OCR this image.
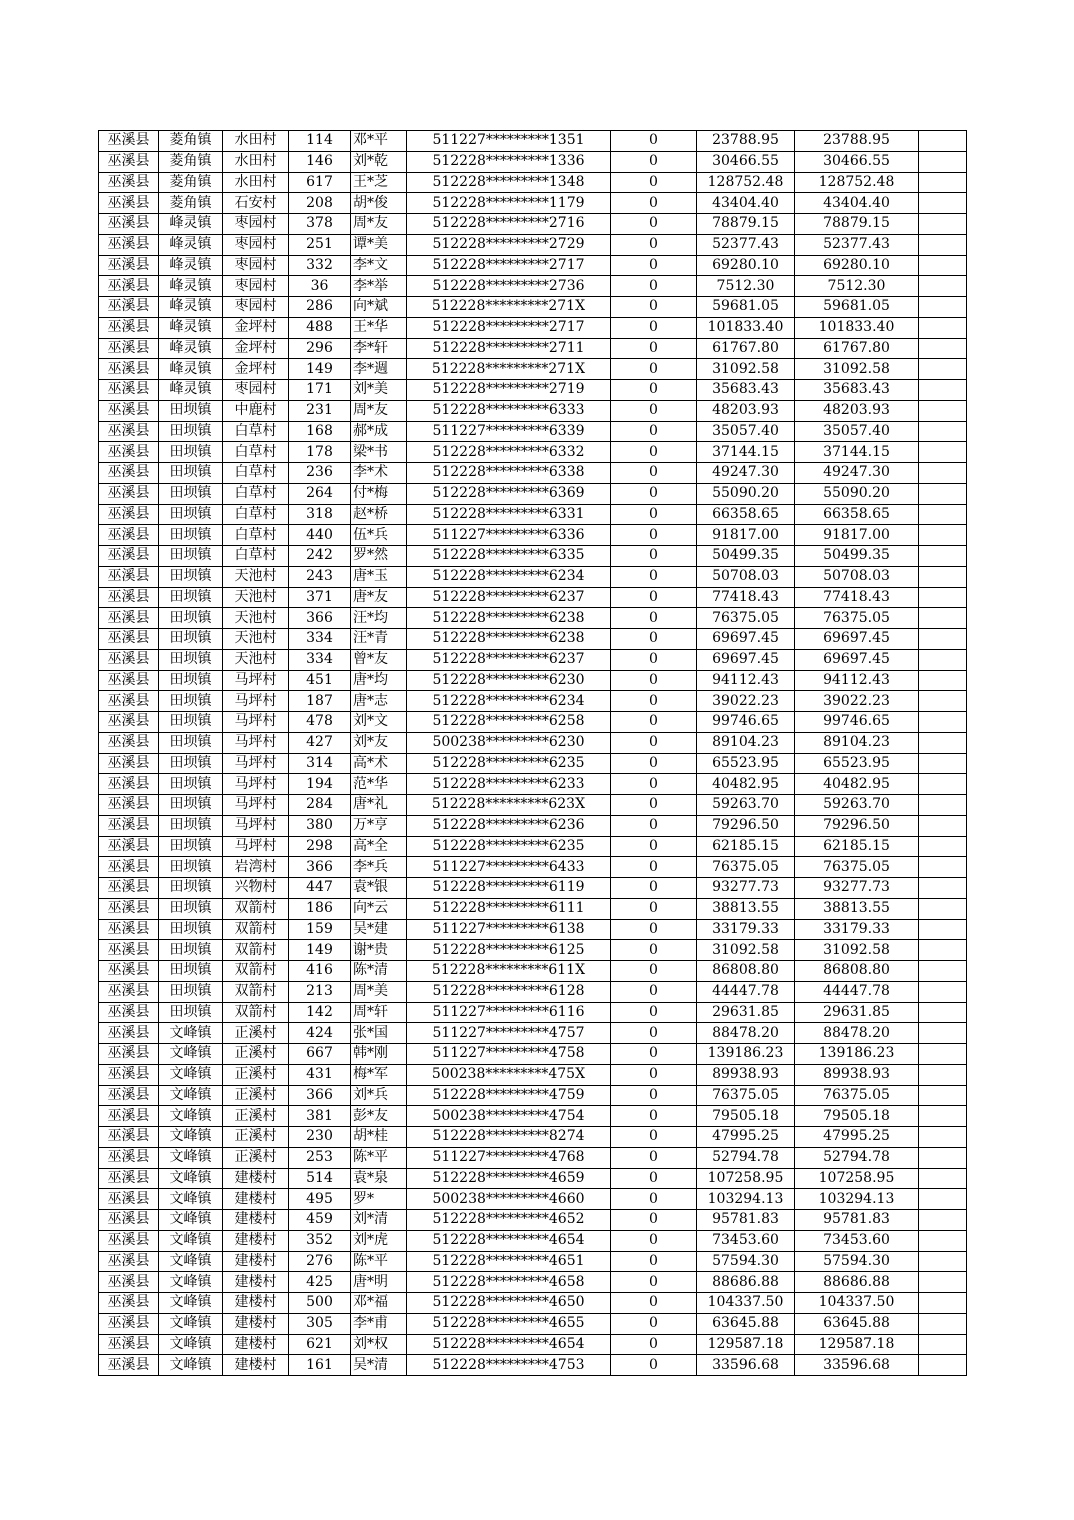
巫溪县	菱角镇	水田村	114	邓*平	511227*********1351	0	23788.95	23788.95	
巫溪县	菱角镇	水田村	146	刘*乾	512228*********1336	0	30466.55	30466.55	
巫溪县	菱角镇	水田村	617	王*芝	512228*********1348	0	128752.48	128752.48	
巫溪县	菱角镇	石安村	208	胡*俊	512228*********1179	0	43404.40	43404.40	
巫溪县	峰灵镇	枣园村	378	周*友	512228*********2716	0	78879.15	78879.15	
巫溪县	峰灵镇	枣园村	251	谭*美	512228*********2729	0	52377.43	52377.43	
巫溪县	峰灵镇	枣园村	332	李*文	512228*********2717	0	69280.10	69280.10	
巫溪县	峰灵镇	枣园村	36	李*举	512228*********2736	0	7512.30	7512.30	
巫溪县	峰灵镇	枣园村	286	向*斌	512228*********271X	0	59681.05	59681.05	
巫溪县	峰灵镇	金坪村	488	王*华	512228*********2717	0	101833.40	101833.40	
巫溪县	峰灵镇	金坪村	296	李*轩	512228*********2711	0	61767.80	61767.80	
巫溪县	峰灵镇	金坪村	149	李*週	512228*********271X	0	31092.58	31092.58	
巫溪县	峰灵镇	枣园村	171	刘*美	512228*********2719	0	35683.43	35683.43	
巫溪县	田坝镇	中鹿村	231	周*友	512228*********6333	0	48203.93	48203.93	
巫溪县	田坝镇	白草村	168	郝*成	511227*********6339	0	35057.40	35057.40	
巫溪县	田坝镇	白草村	178	梁*书	512228*********6332	0	37144.15	37144.15	
巫溪县	田坝镇	白草村	236	李*术	512228*********6338	0	49247.30	49247.30	
巫溪县	田坝镇	白草村	264	付*梅	512228*********6369	0	55090.20	55090.20	
巫溪县	田坝镇	白草村	318	赵*桥	512228*********6331	0	66358.65	66358.65	
巫溪县	田坝镇	白草村	440	伍*兵	511227*********6336	0	91817.00	91817.00	
巫溪县	田坝镇	白草村	242	罗*然	512228*********6335	0	50499.35	50499.35	
巫溪县	田坝镇	天池村	243	唐*玉	512228*********6234	0	50708.03	50708.03	
巫溪县	田坝镇	天池村	371	唐*友	512228*********6237	0	77418.43	77418.43	
巫溪县	田坝镇	天池村	366	汪*均	512228*********6238	0	76375.05	76375.05	
巫溪县	田坝镇	天池村	334	汪*青	512228*********6238	0	69697.45	69697.45	
巫溪县	田坝镇	天池村	334	曾*友	512228*********6237	0	69697.45	69697.45	
巫溪县	田坝镇	马坪村	451	唐*均	512228*********6230	0	94112.43	94112.43	
巫溪县	田坝镇	马坪村	187	唐*志	512228*********6234	0	39022.23	39022.23	
巫溪县	田坝镇	马坪村	478	刘*文	512228*********6258	0	99746.65	99746.65	
巫溪县	田坝镇	马坪村	427	刘*友	500238*********6230	0	89104.23	89104.23	
巫溪县	田坝镇	马坪村	314	高*术	512228*********6235	0	65523.95	65523.95	
巫溪县	田坝镇	马坪村	194	范*华	512228*********6233	0	40482.95	40482.95	
巫溪县	田坝镇	马坪村	284	唐*礼	512228*********623X	0	59263.70	59263.70	
巫溪县	田坝镇	马坪村	380	万*亨	512228*********6236	0	79296.50	79296.50	
巫溪县	田坝镇	马坪村	298	高*全	512228*********6235	0	62185.15	62185.15	
巫溪县	田坝镇	岩湾村	366	李*兵	511227*********6433	0	76375.05	76375.05	
巫溪县	田坝镇	兴物村	447	袁*银	512228*********6119	0	93277.73	93277.73	
巫溪县	田坝镇	双箭村	186	向*云	512228*********6111	0	38813.55	38813.55	
巫溪县	田坝镇	双箭村	159	吴*建	511227*********6138	0	33179.33	33179.33	
巫溪县	田坝镇	双箭村	149	谢*贵	512228*********6125	0	31092.58	31092.58	
巫溪县	田坝镇	双箭村	416	陈*清	512228*********611X	0	86808.80	86808.80	
巫溪县	田坝镇	双箭村	213	周*美	512228*********6128	0	44447.78	44447.78	
巫溪县	田坝镇	双箭村	142	周*轩	511227*********6116	0	29631.85	29631.85	
巫溪县	文峰镇	正溪村	424	张*国	511227*********4757	0	88478.20	88478.20	
巫溪县	文峰镇	正溪村	667	韩*刚	511227*********4758	0	139186.23	139186.23	
巫溪县	文峰镇	正溪村	431	梅*军	500238*********475X	0	89938.93	89938.93	
巫溪县	文峰镇	正溪村	366	刘*兵	512228*********4759	0	76375.05	76375.05	
巫溪县	文峰镇	正溪村	381	彭*友	500238*********4754	0	79505.18	79505.18	
巫溪县	文峰镇	正溪村	230	胡*桂	512228*********8274	0	47995.25	47995.25	
巫溪县	文峰镇	正溪村	253	陈*平	511227*********4768	0	52794.78	52794.78	
巫溪县	文峰镇	建楼村	514	袁*泉	512228*********4659	0	107258.95	107258.95	
巫溪县	文峰镇	建楼村	495	罗*	500238*********4660	0	103294.13	103294.13	
巫溪县	文峰镇	建楼村	459	刘*清	512228*********4652	0	95781.83	95781.83	
巫溪县	文峰镇	建楼村	352	刘*虎	512228*********4654	0	73453.60	73453.60	
巫溪县	文峰镇	建楼村	276	陈*平	512228*********4651	0	57594.30	57594.30	
巫溪县	文峰镇	建楼村	425	唐*明	512228*********4658	0	88686.88	88686.88	
巫溪县	文峰镇	建楼村	500	邓*福	512228*********4650	0	104337.50	104337.50	
巫溪县	文峰镇	建楼村	305	李*甫	512228*********4655	0	63645.88	63645.88	
巫溪县	文峰镇	建楼村	621	刘*权	512228*********4654	0	129587.18	129587.18	
巫溪县	文峰镇	建楼村	161	吴*清	512228*********4753	0	33596.68	33596.68	
